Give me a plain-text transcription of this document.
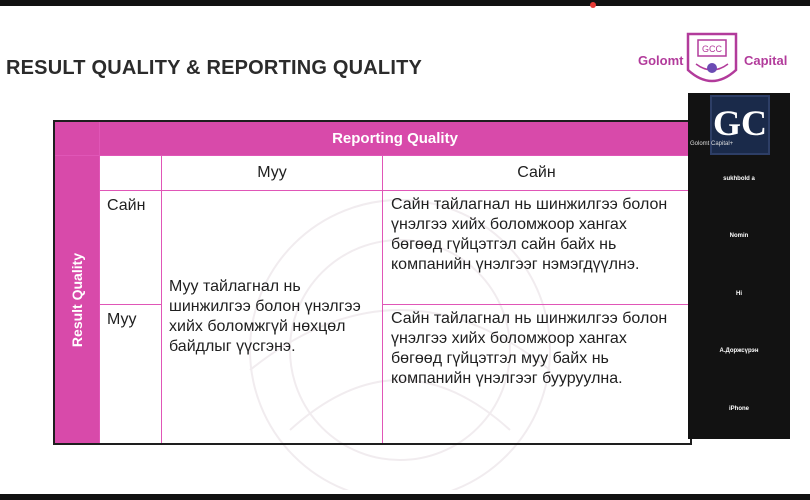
RESULT QUALITY & REPORTING QUALITY	Golomt
GCC
Capital
	Reporting Quality		

Result Quality		Муу	Сайн
	Сайн	Муу тайлагнал нь шинжилгээ болон үнэлгээ хийх боломжгүй нөхцөл байдлыг үүсгэнэ.	Сайн тайлагнал нь шинжилгээ болон үнэлгээ хийх боломжоор хангах бөгөөд гүйцэтгэл сайн байх нь компанийн үнэлгээг нэмэгдүүлнэ.
	Муу		Сайн тайлагнал нь шинжилгээ болон үнэлгээ хийх боломжоор хангах бөгөөд гүйцэтгэл муу байх нь компанийн үнэлгээг бууруулна.
GC
Golomt Capital+
sukhbold a
Nomin
Hi
А.Доржсүрэн
iPhone
